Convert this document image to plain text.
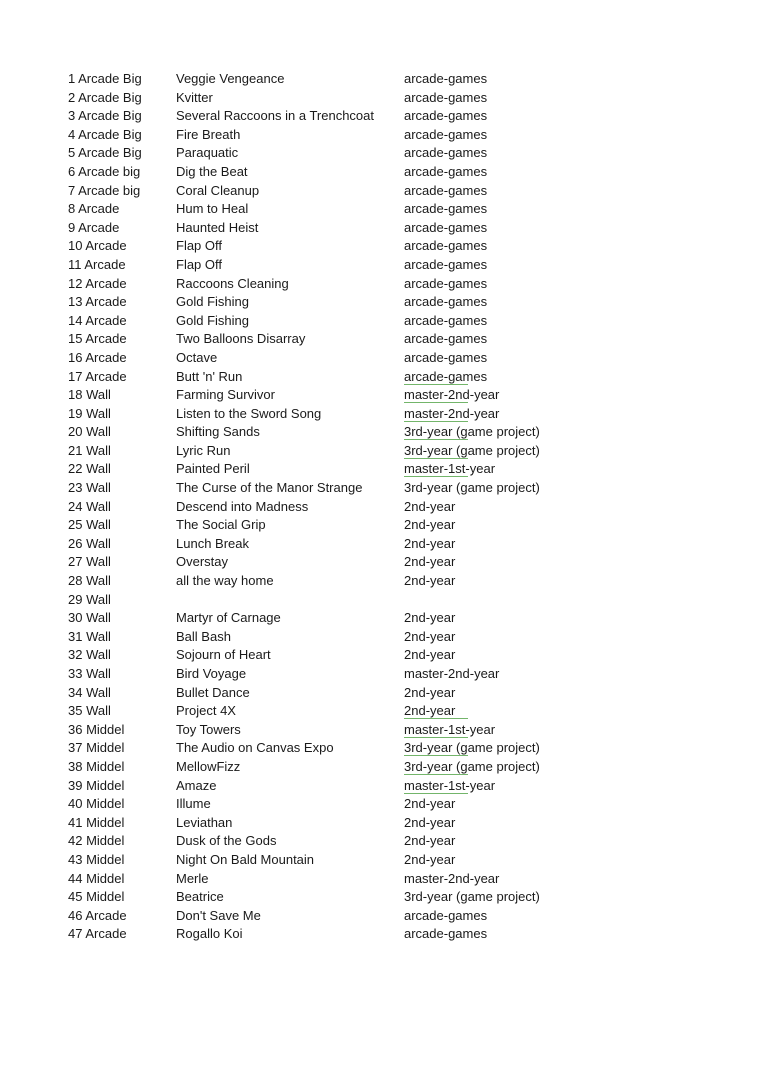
1 Arcade Big	Veggie Vengeance	arcade-games
2 Arcade Big	Kvitter	arcade-games
3 Arcade Big	Several Raccoons in a Trenchcoat	arcade-games
4 Arcade Big	Fire Breath	arcade-games
5 Arcade Big	Paraquatic	arcade-games
6 Arcade big	Dig the Beat	arcade-games
7 Arcade big	Coral Cleanup	arcade-games
8 Arcade	Hum to Heal	arcade-games
9 Arcade	Haunted Heist	arcade-games
10 Arcade	Flap Off	arcade-games
11 Arcade	Flap Off	arcade-games
12 Arcade	Raccoons Cleaning	arcade-games
13 Arcade	Gold Fishing	arcade-games
14 Arcade	Gold Fishing	arcade-games
15 Arcade	Two Balloons Disarray	arcade-games
16 Arcade	Octave	arcade-games
17 Arcade	Butt 'n' Run	arcade-games
18 Wall	Farming Survivor	master-2nd-year
19 Wall	Listen to the Sword Song	master-2nd-year
20 Wall	Shifting Sands	3rd-year (game project)
21 Wall	Lyric Run	3rd-year (game project)
22 Wall	Painted Peril	master-1st-year
23 Wall	The Curse of the Manor Strange	3rd-year (game project)
24 Wall	Descend into Madness	2nd-year
25 Wall	The Social Grip	2nd-year
26 Wall	Lunch Break	2nd-year
27 Wall	Overstay	2nd-year
28 Wall	all the way home	2nd-year
29 Wall
30 Wall	Martyr of Carnage	2nd-year
31 Wall	Ball Bash	2nd-year
32 Wall	Sojourn of Heart	2nd-year
33 Wall	Bird Voyage	master-2nd-year
34 Wall	Bullet Dance	2nd-year
35 Wall	Project 4X	2nd-year
36 Middel	Toy Towers	master-1st-year
37 Middel	The Audio on Canvas Expo	3rd-year (game project)
38 Middel	MellowFizz	3rd-year (game project)
39 Middel	Amaze	master-1st-year
40 Middel	Illume	2nd-year
41 Middel	Leviathan	2nd-year
42 Middel	Dusk of the Gods	2nd-year
43 Middel	Night On Bald Mountain	2nd-year
44 Middel	Merle	master-2nd-year
45 Middel	Beatrice	3rd-year (game project)
46 Arcade	Don't Save Me	arcade-games
47 Arcade	Rogallo Koi	arcade-games
